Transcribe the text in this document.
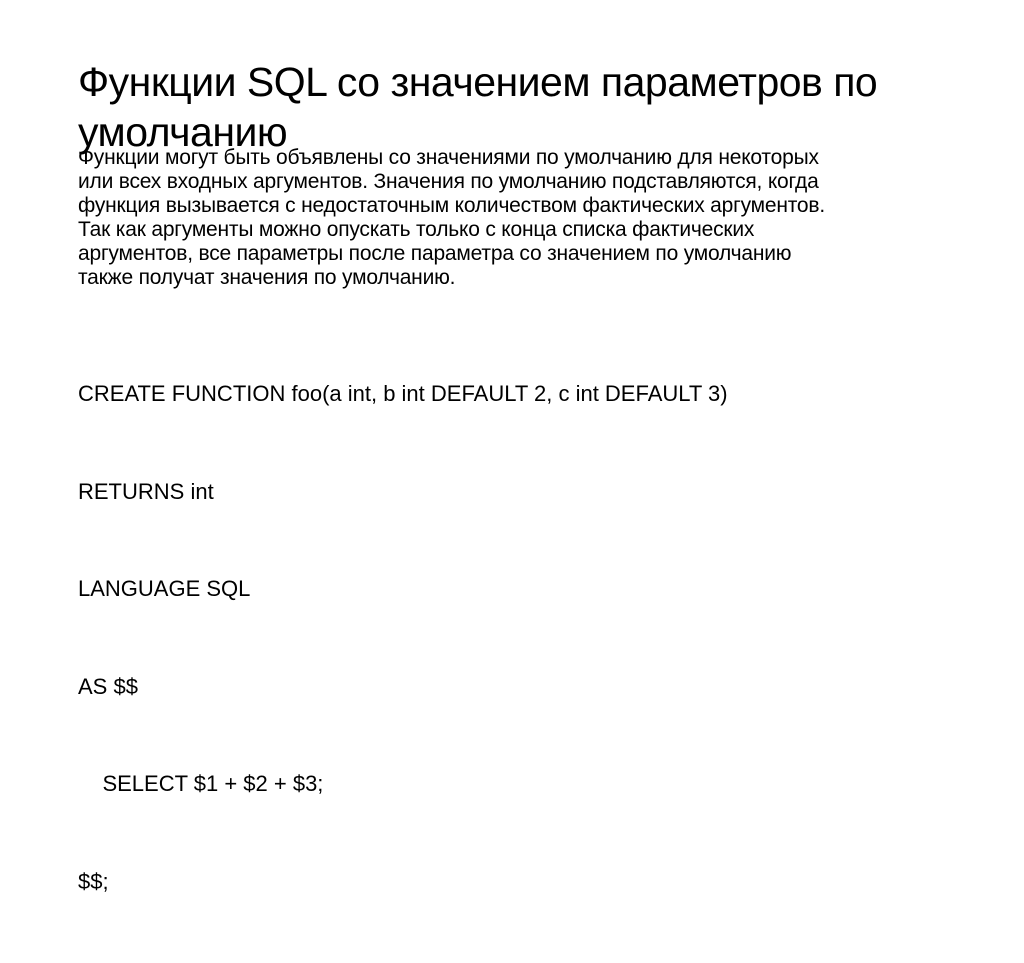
Функции SQL со значением параметров по
умолчанию
Функции могут быть объявлены со значениями по умолчанию для некоторых
или всех входных аргументов. Значения по умолчанию подставляются, когда
функция вызывается с недостаточным количеством фактических аргументов.
Так как аргументы можно опускать только с конца списка фактических
аргументов, все параметры после параметра со значением по умолчанию
также получат значения по умолчанию.

CREATE FUNCTION foo(a int, b int DEFAULT 2, c int DEFAULT 3)

RETURNS int

LANGUAGE SQL

AS $$

SELECT $1 + $2 + $3;

$$;
